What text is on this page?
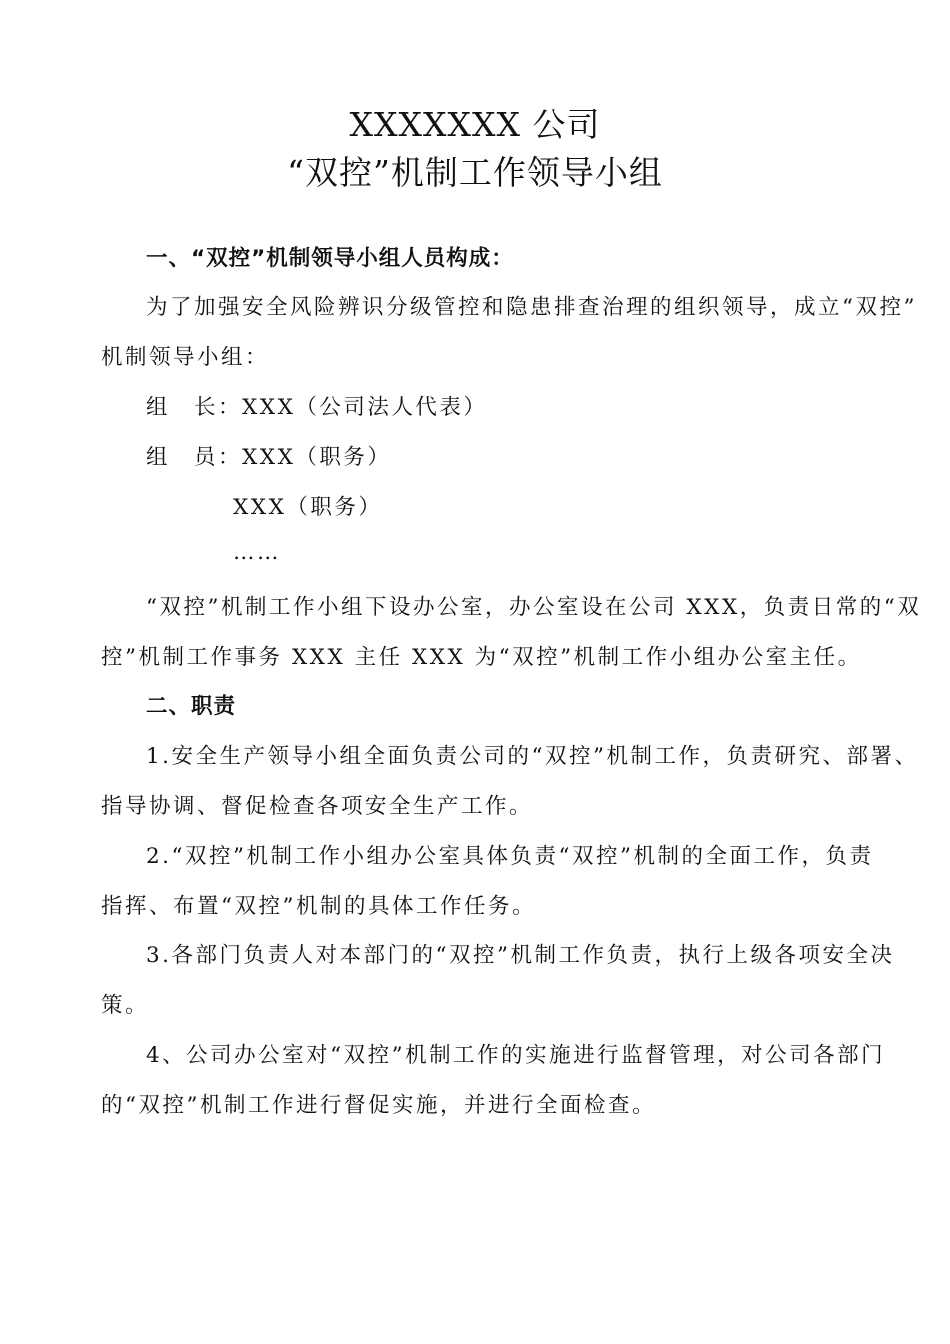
XXXXXXX 公司
“双控”机制工作领导小组
一、“双控”机制领导小组人员构成：
为了加强安全风险辨识分级管控和隐患排查治理的组织领导，成立“双控”
机制领导小组：
组　长：XXX（公司法人代表）
组　员：XXX（职务）
XXX（职务）
……
“双控”机制工作小组下设办公室，办公室设在公司 XXX，负责日常的“双
控”机制工作事务 XXX 主任 XXX 为“双控”机制工作小组办公室主任。
二、职责
1.安全生产领导小组全面负责公司的“双控”机制工作，负责研究、部署、
指导协调、督促检查各项安全生产工作。
2.“双控”机制工作小组办公室具体负责“双控”机制的全面工作，负责
指挥、布置“双控”机制的具体工作任务。
3.各部门负责人对本部门的“双控”机制工作负责，执行上级各项安全决
策。
4、公司办公室对“双控”机制工作的实施进行监督管理，对公司各部门
的“双控”机制工作进行督促实施，并进行全面检查。
